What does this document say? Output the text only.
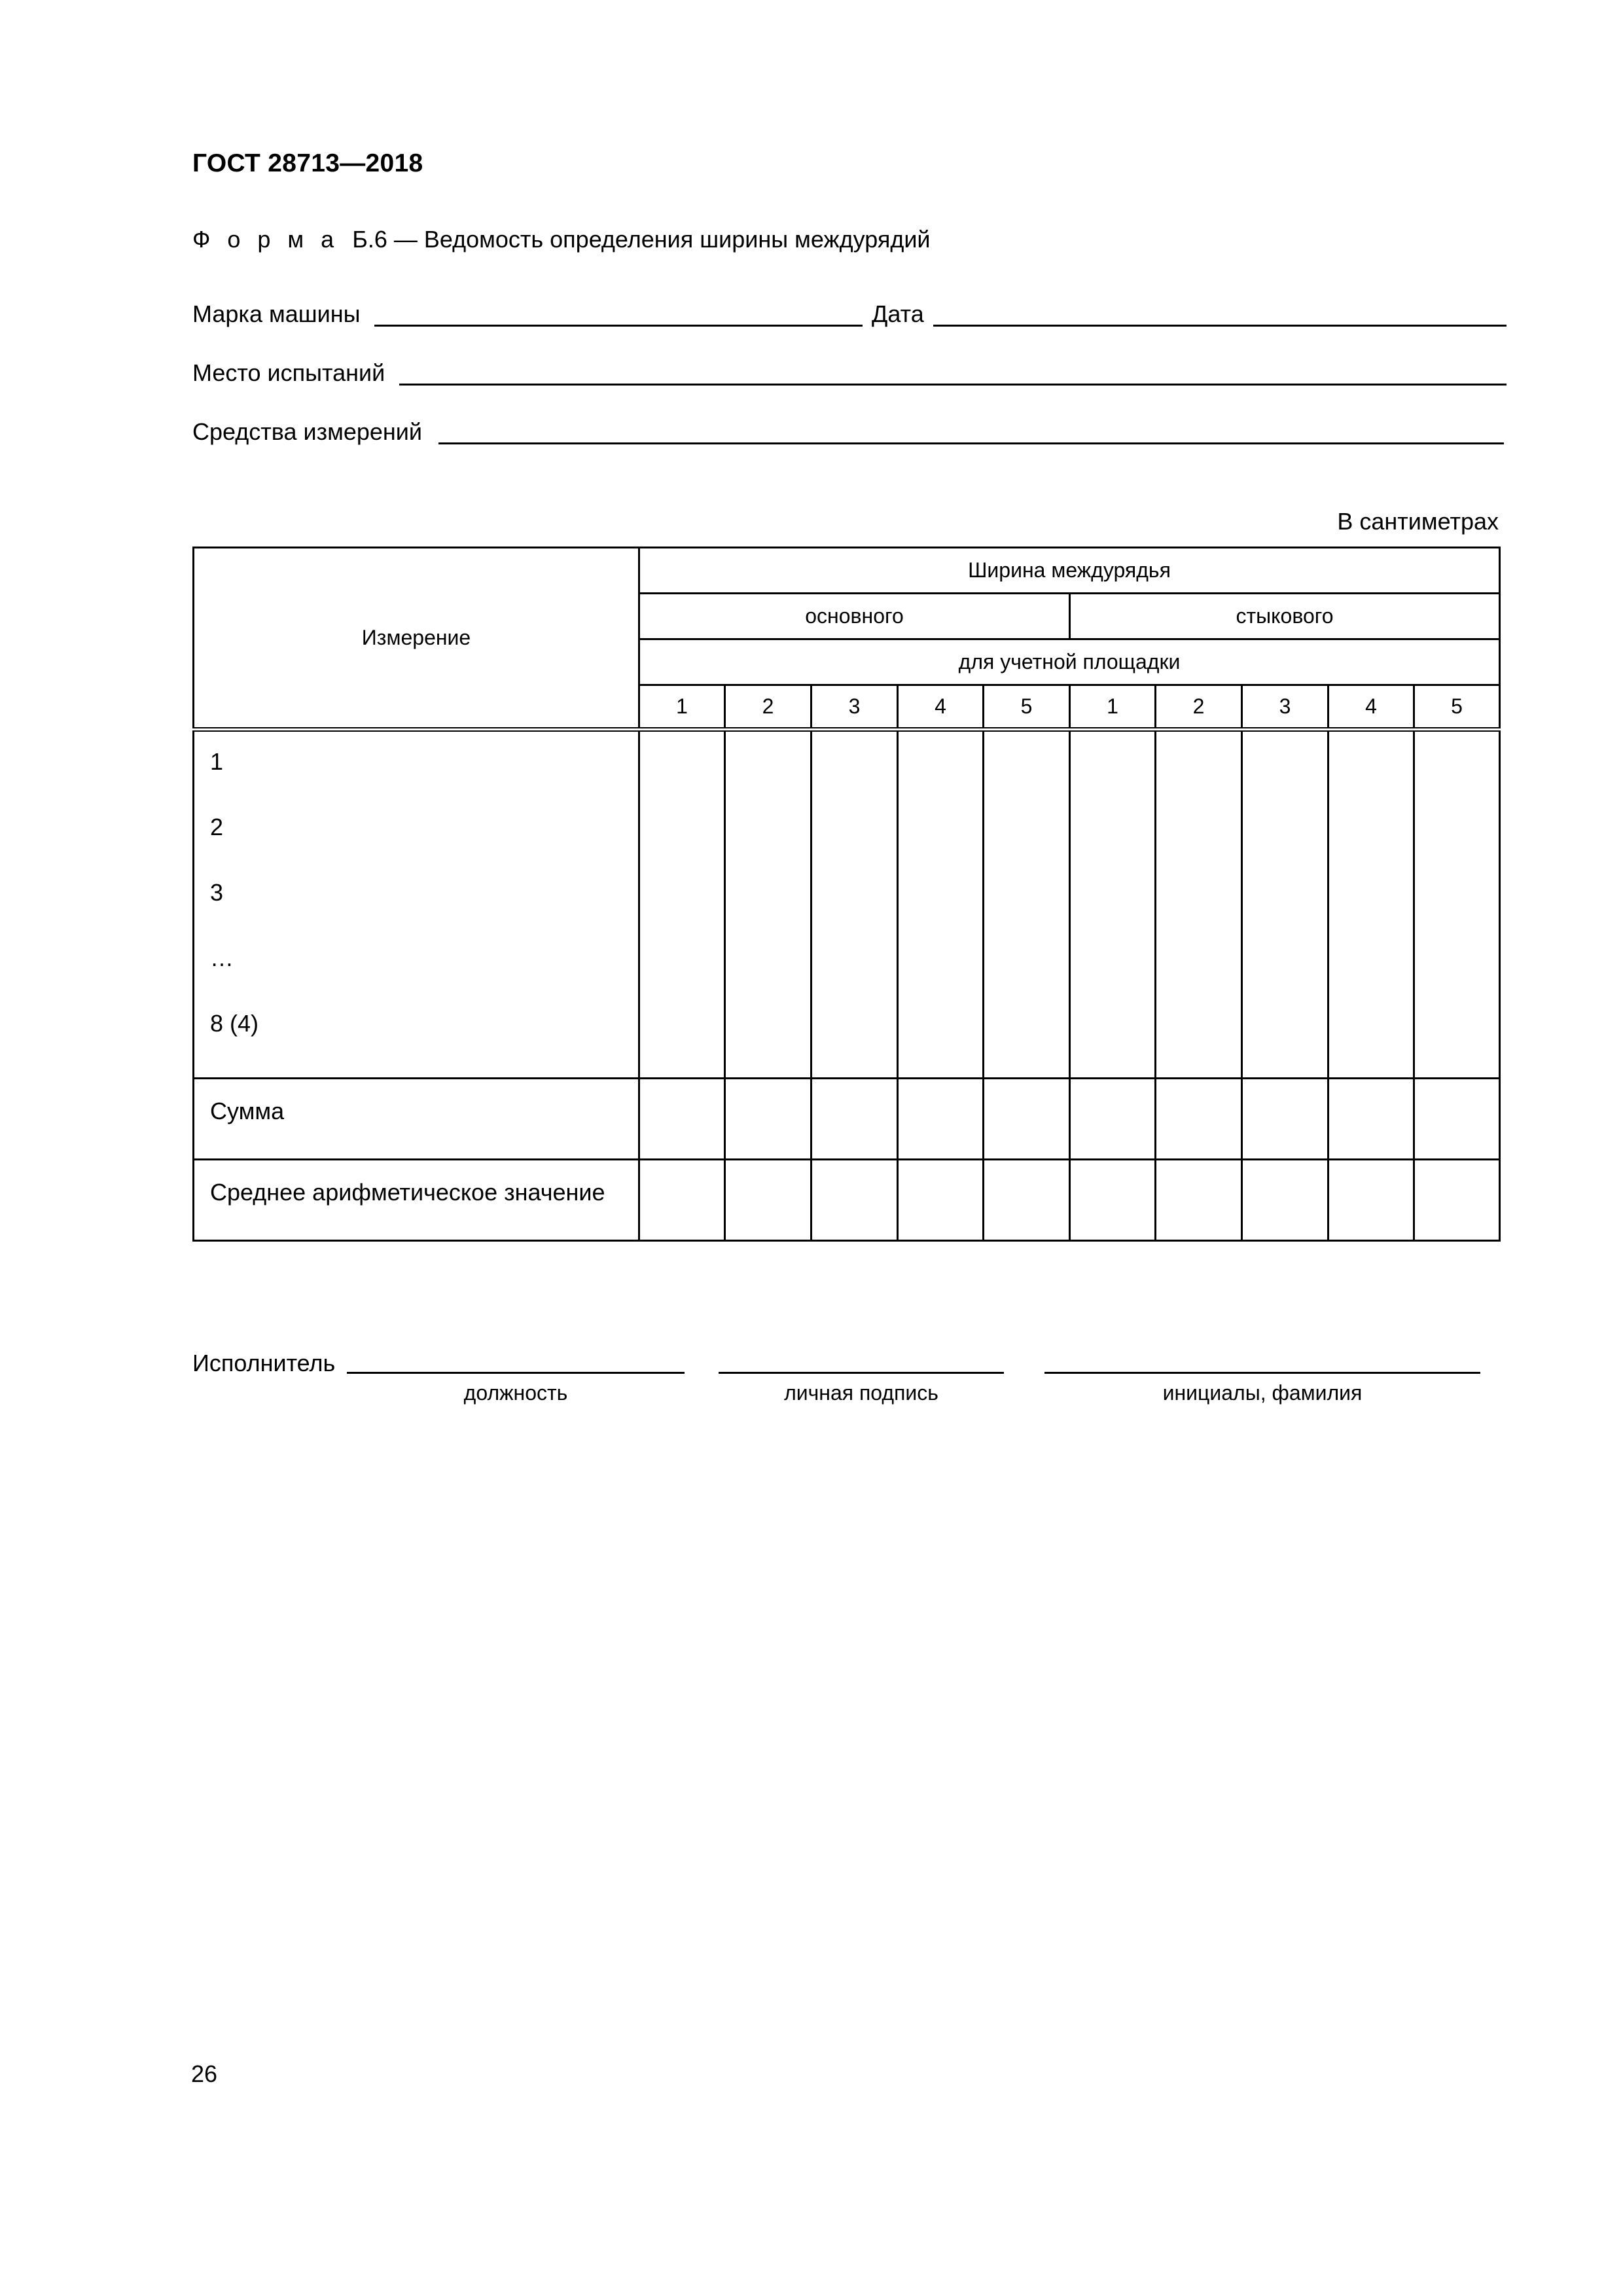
ГОСТ 28713—2018
Ф о р м а Б.6 — Ведомость определения ширины междурядий
Марка машины	Дата
Место испытаний
Средства измерений
В сантиметрах
Измерение	Ширина междурядья									
	основного					стыкового				
	для учетной площадки									
	1	2	3	4	5	1	2	3	4	5

1
2
3
…
8 (4)										

Сумма										
Среднее арифметическое значение										
Исполнитель
должность	личная подпись	инициалы, фамилия
26
